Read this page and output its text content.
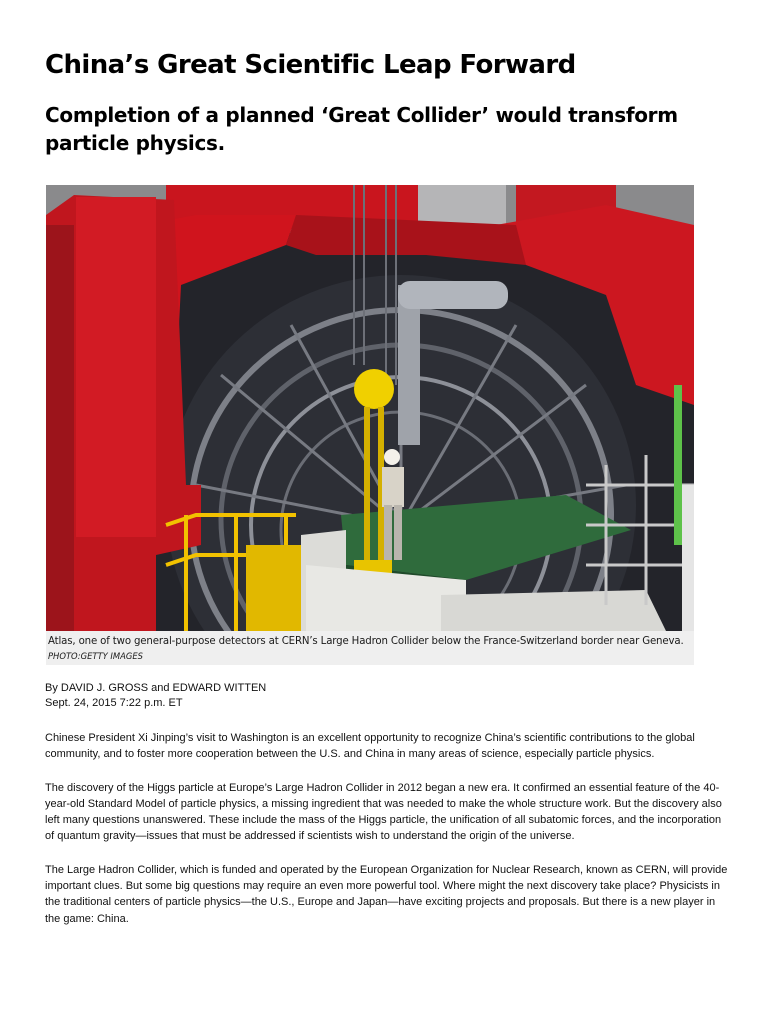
China’s Great Scientific Leap Forward
Completion of a planned ‘Great Collider’ would transform particle physics.
Atlas, one of two general-purpose detectors at CERN’s Large Hadron Collider below the France-Switzerland border near Geneva. PHOTO:GETTY IMAGES
By DAVID J. GROSS and EDWARD WITTEN
Sept. 24, 2015 7:22 p.m. ET

Chinese President Xi Jinping’s visit to Washington is an excellent opportunity to recognize China’s scientific contributions to the global community, and to foster more cooperation between the U.S. and China in many areas of science, especially particle physics.

The discovery of the Higgs particle at Europe’s Large Hadron Collider in 2012 began a new era. It confirmed an essential feature of the 40-year-old Standard Model of particle physics, a missing ingredient that was needed to make the whole structure work. But the discovery also left many questions unanswered. These include the mass of the Higgs particle, the unification of all subatomic forces, and the incorporation of quantum gravity—issues that must be addressed if scientists wish to understand the origin of the universe.

The Large Hadron Collider, which is funded and operated by the European Organization for Nuclear Research, known as CERN, will provide important clues. But some big questions may require an even more powerful tool. Where might the next discovery take place? Physicists in the traditional centers of particle physics—the U.S., Europe and Japan—have exciting projects and proposals. But there is a new player in the game: China.
